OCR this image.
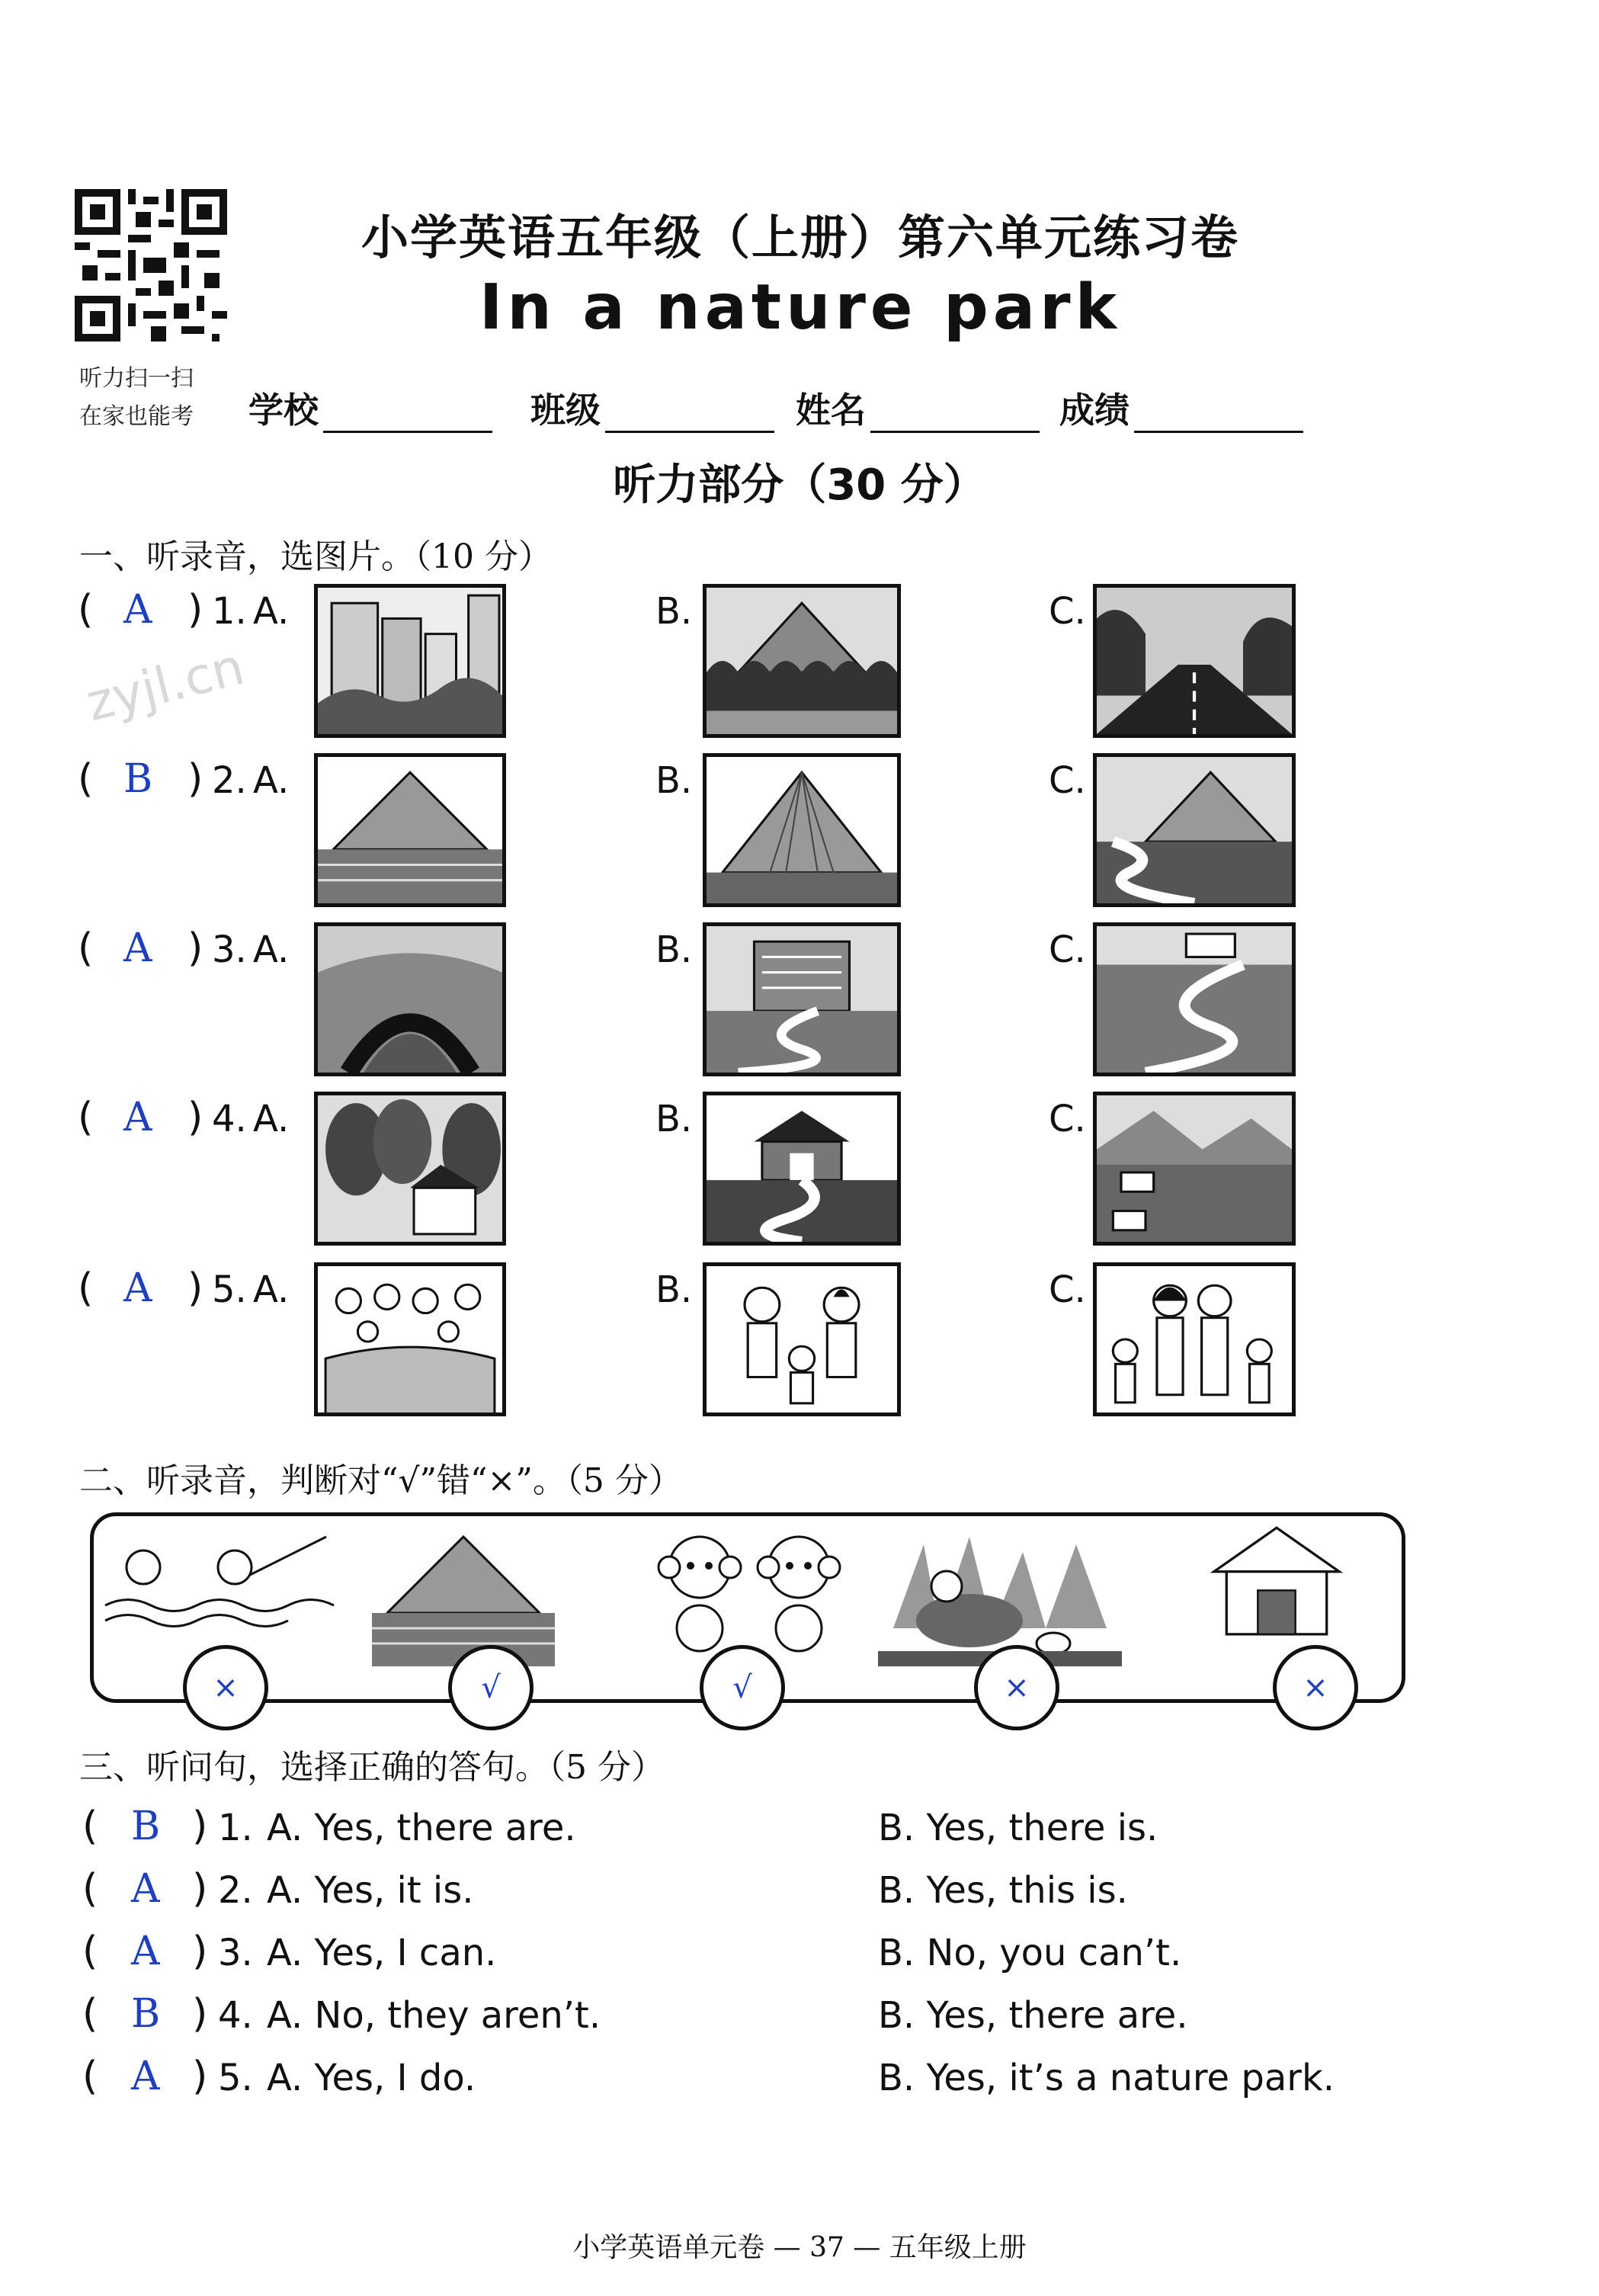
听力扫一扫
在家也能考
小学英语五年级（上册）第六单元练习卷
In a nature park
学校	班级	姓名	成绩
听力部分（30 分）
zyjl.cn
一、听录音，选图片。（10 分）
( A ) 1. A.	B.	C.
( B ) 2. A.	B.	C.
( A ) 3. A.	B.	C.
( A ) 4. A.	B.	C.
( A ) 5. A.	B.	C.
二、听录音，判断对“√”错“×”。（5 分）
×	√	√	×	×
三、听问句，选择正确的答句。（5 分）
( B ) 1. A. Yes, there are.	B. Yes, there is.
( A ) 2. A. Yes, it is.	B. Yes, this is.
( A ) 3. A. Yes, I can.	B. No, you can’t.
( B ) 4. A. No, they aren’t.	B. Yes, there are.
( A ) 5. A. Yes, I do.	B. Yes, it’s a nature park.
小学英语单元卷 — 37 — 五年级上册
